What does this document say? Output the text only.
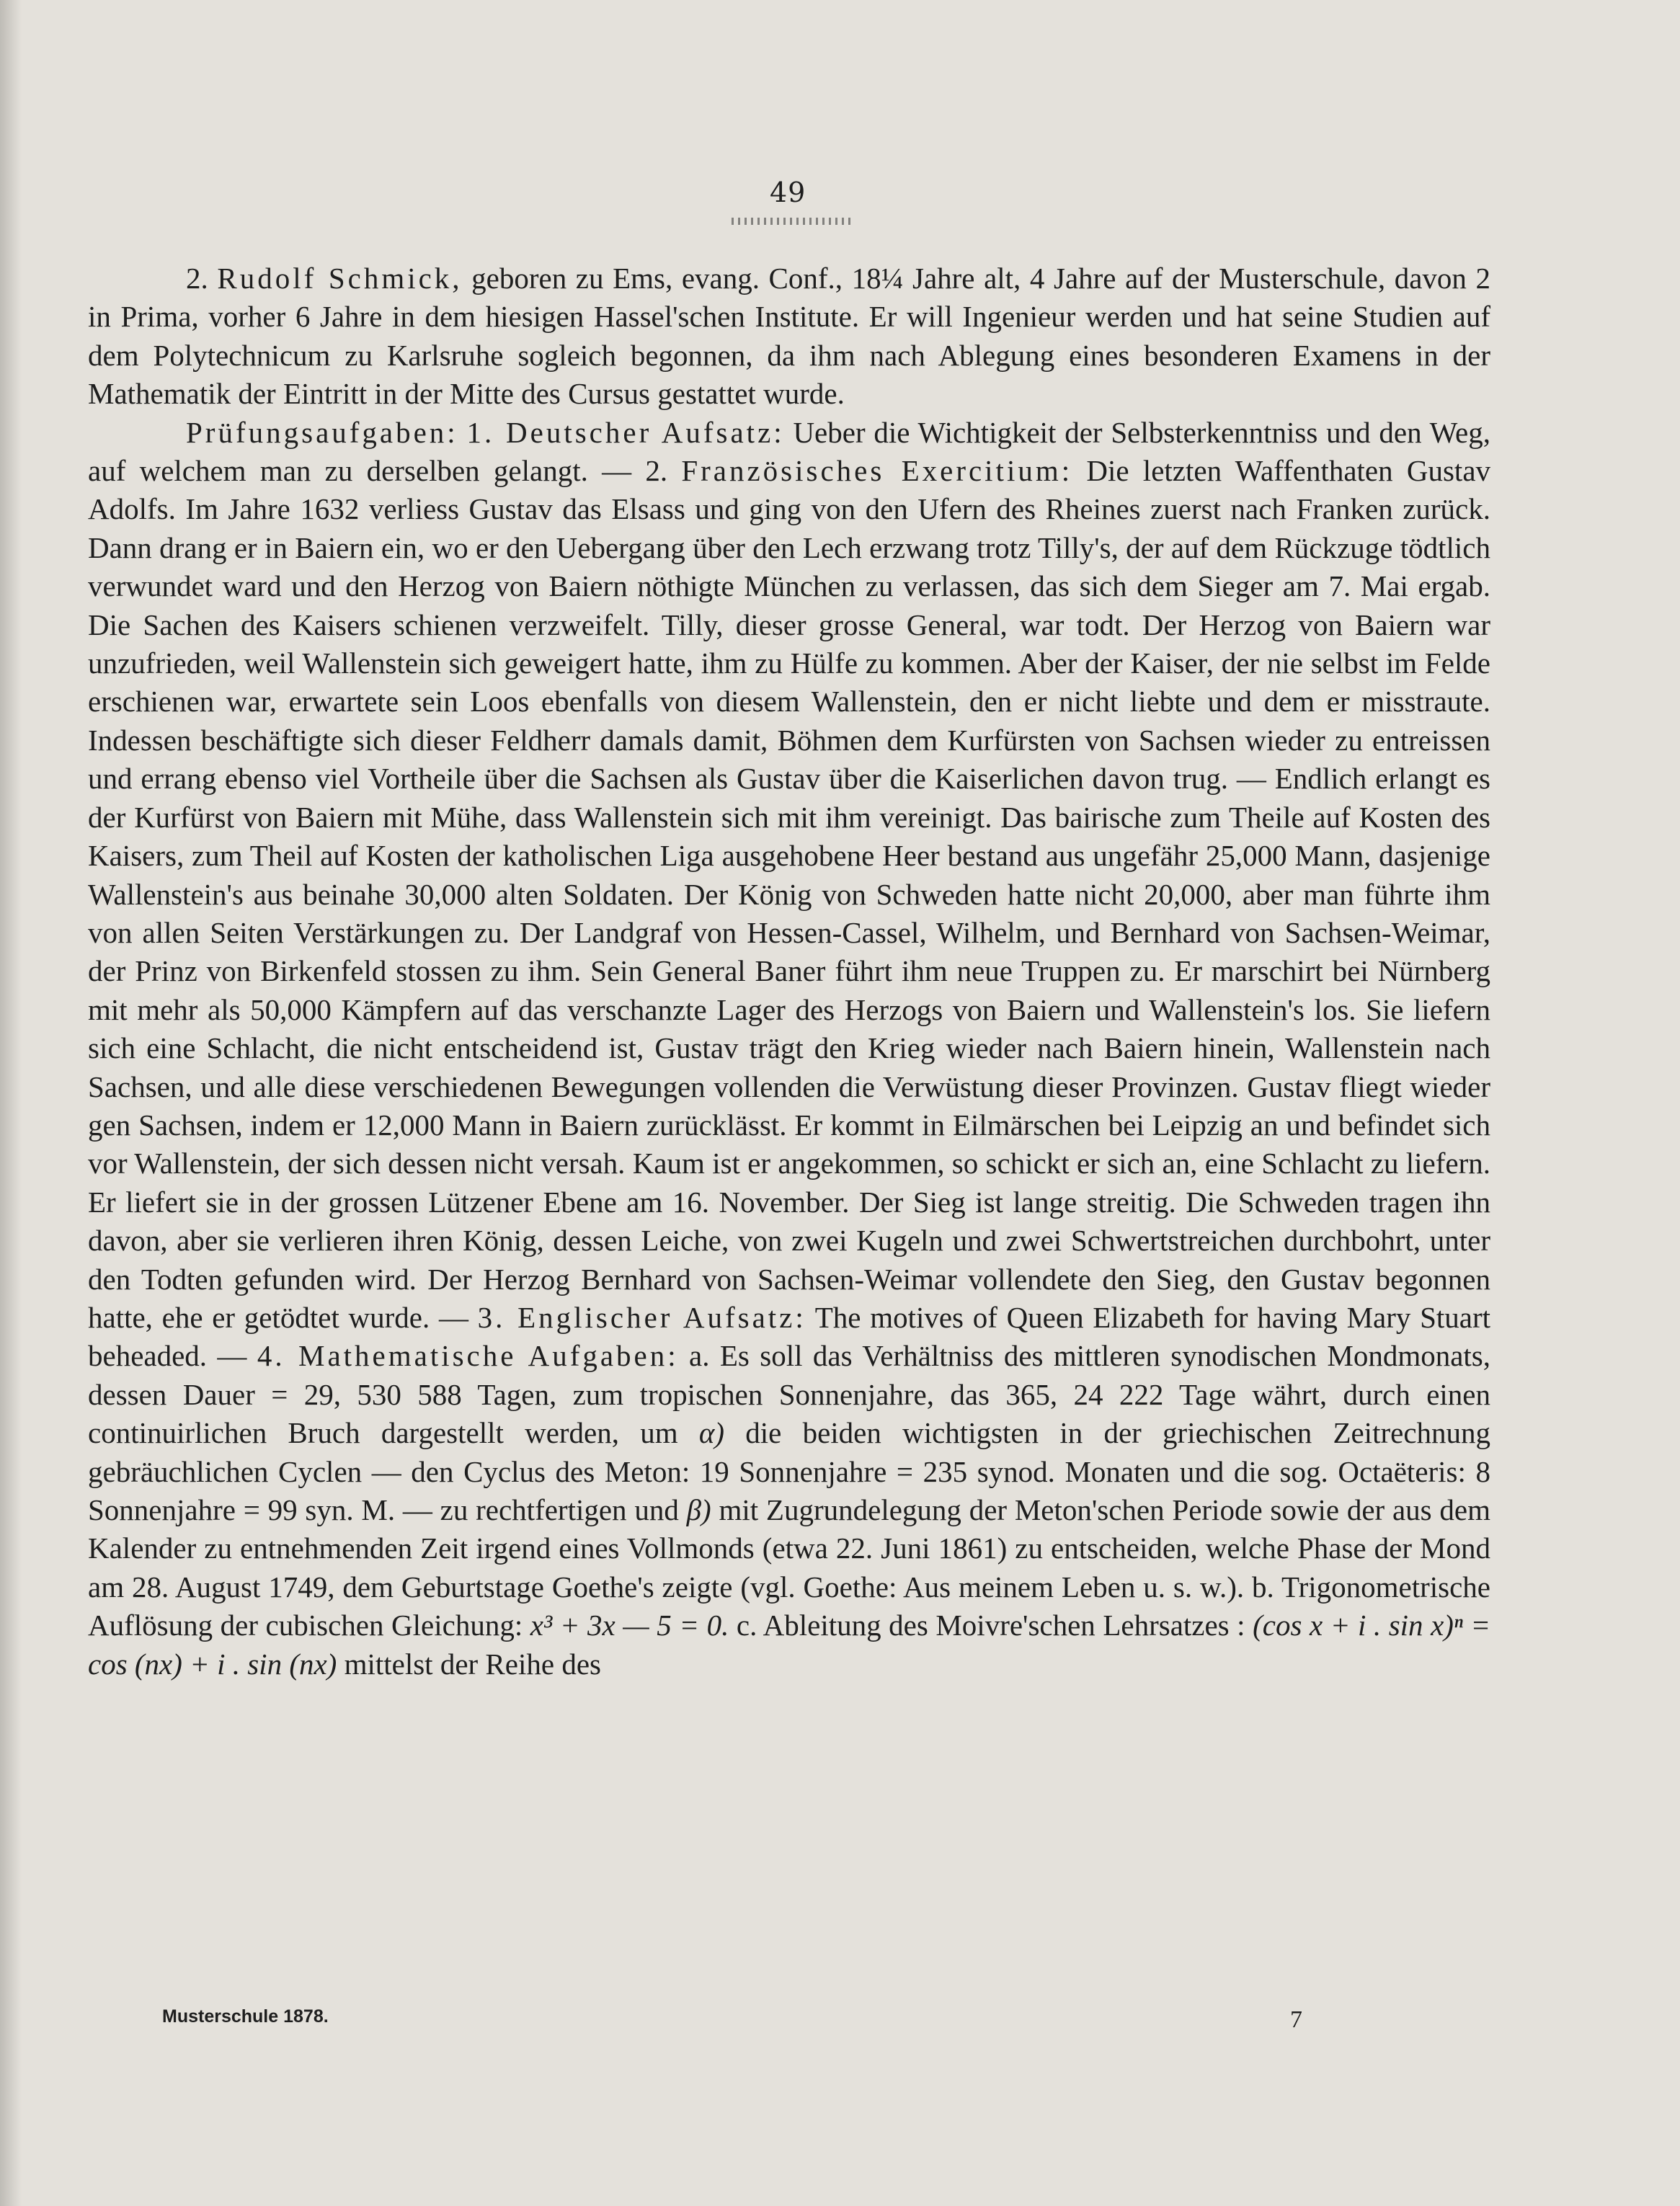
49

2. Rudolf Schmick, geboren zu Ems, evang. Conf., 18¼ Jahre alt, 4 Jahre auf der Musterschule, davon 2 in Prima, vorher 6 Jahre in dem hiesigen Hassel'schen Institute. Er will Ingenieur werden und hat seine Studien auf dem Polytechnicum zu Karlsruhe sogleich begonnen, da ihm nach Ablegung eines besonderen Examens in der Mathematik der Eintritt in der Mitte des Cursus gestattet wurde.

Prüfungsaufgaben: 1. Deutscher Aufsatz: Ueber die Wichtigkeit der Selbsterkenntniss und den Weg, auf welchem man zu derselben gelangt. — 2. Französisches Exercitium: Die letzten Waffenthaten Gustav Adolfs. Im Jahre 1632 verliess Gustav das Elsass und ging von den Ufern des Rheines zuerst nach Franken zurück. Dann drang er in Baiern ein, wo er den Uebergang über den Lech erzwang trotz Tilly's, der auf dem Rückzuge tödtlich verwundet ward und den Herzog von Baiern nöthigte München zu verlassen, das sich dem Sieger am 7. Mai ergab. Die Sachen des Kaisers schienen verzweifelt. Tilly, dieser grosse General, war todt. Der Herzog von Baiern war unzufrieden, weil Wallenstein sich geweigert hatte, ihm zu Hülfe zu kommen. Aber der Kaiser, der nie selbst im Felde erschienen war, erwartete sein Loos ebenfalls von diesem Wallenstein, den er nicht liebte und dem er misstraute. Indessen beschäftigte sich dieser Feldherr damals damit, Böhmen dem Kurfürsten von Sachsen wieder zu entreissen und errang ebenso viel Vortheile über die Sachsen als Gustav über die Kaiserlichen davon trug. — Endlich erlangt es der Kurfürst von Baiern mit Mühe, dass Wallenstein sich mit ihm vereinigt. Das bairische zum Theile auf Kosten des Kaisers, zum Theil auf Kosten der katholischen Liga ausgehobene Heer bestand aus ungefähr 25,000 Mann, dasjenige Wallenstein's aus beinahe 30,000 alten Soldaten. Der König von Schweden hatte nicht 20,000, aber man führte ihm von allen Seiten Verstärkungen zu. Der Landgraf von Hessen-Cassel, Wilhelm, und Bernhard von Sachsen-Weimar, der Prinz von Birkenfeld stossen zu ihm. Sein General Baner führt ihm neue Truppen zu. Er marschirt bei Nürnberg mit mehr als 50,000 Kämpfern auf das verschanzte Lager des Herzogs von Baiern und Wallenstein's los. Sie liefern sich eine Schlacht, die nicht entscheidend ist, Gustav trägt den Krieg wieder nach Baiern hinein, Wallenstein nach Sachsen, und alle diese verschiedenen Bewegungen vollenden die Verwüstung dieser Provinzen. Gustav fliegt wieder gen Sachsen, indem er 12,000 Mann in Baiern zurücklässt. Er kommt in Eilmärschen bei Leipzig an und befindet sich vor Wallenstein, der sich dessen nicht versah. Kaum ist er angekommen, so schickt er sich an, eine Schlacht zu liefern. Er liefert sie in der grossen Lützener Ebene am 16. November. Der Sieg ist lange streitig. Die Schweden tragen ihn davon, aber sie verlieren ihren König, dessen Leiche, von zwei Kugeln und zwei Schwertstreichen durchbohrt, unter den Todten gefunden wird. Der Herzog Bernhard von Sachsen-Weimar vollendete den Sieg, den Gustav begonnen hatte, ehe er getödtet wurde. — 3. Englischer Aufsatz: The motives of Queen Elizabeth for having Mary Stuart beheaded. — 4. Mathematische Aufgaben: a. Es soll das Verhältniss des mittleren synodischen Mondmonats, dessen Dauer = 29, 530 588 Tagen, zum tropischen Sonnenjahre, das 365, 24 222 Tage währt, durch einen continuirlichen Bruch dargestellt werden, um α) die beiden wichtigsten in der griechischen Zeitrechnung gebräuchlichen Cyclen — den Cyclus des Meton: 19 Sonnenjahre = 235 synod. Monaten und die sog. Octaëteris: 8 Sonnenjahre = 99 syn. M. — zu rechtfertigen und β) mit Zugrundelegung der Meton'schen Periode sowie der aus dem Kalender zu entnehmenden Zeit irgend eines Vollmonds (etwa 22. Juni 1861) zu entscheiden, welche Phase der Mond am 28. August 1749, dem Geburtstage Goethe's zeigte (vgl. Goethe: Aus meinem Leben u. s. w.). b. Trigonometrische Auflösung der cubischen Gleichung: x³ + 3x — 5 = 0. c. Ableitung des Moivre'schen Lehrsatzes : (cos x + i . sin x)ⁿ = cos (nx) + i . sin (nx) mittelst der Reihe des

Musterschule 1878.	7
